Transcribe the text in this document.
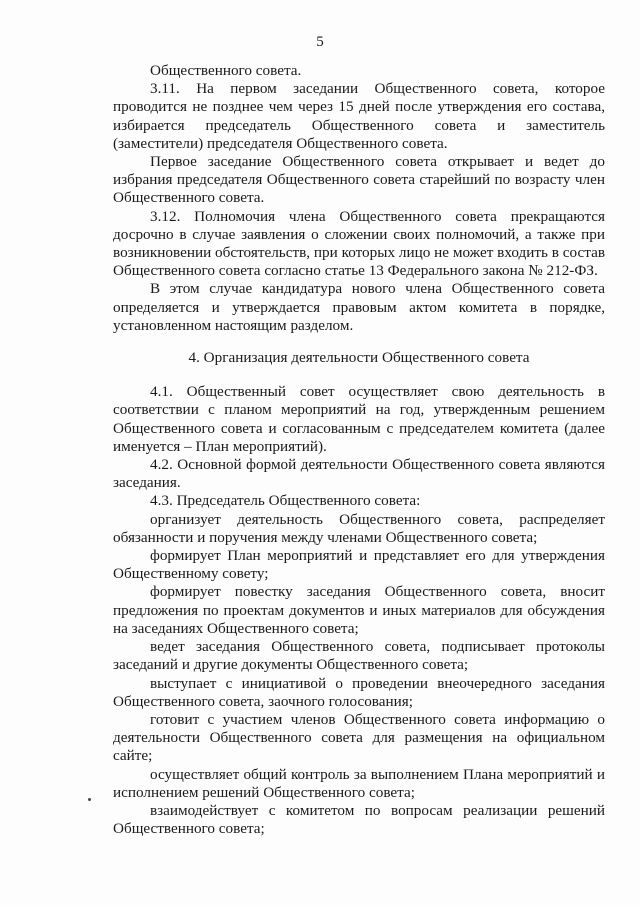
5

Общественного совета.

3.11. На первом заседании Общественного совета, которое проводится не позднее чем через 15 дней после утверждения его состава, избирается председатель Общественного совета и заместитель (заместители) председателя Общественного совета.

Первое заседание Общественного совета открывает и ведет до избрания председателя Общественного совета старейший по возрасту член Общественного совета.

3.12. Полномочия члена Общественного совета прекращаются досрочно в случае заявления о сложении своих полномочий, а также при возникновении обстоятельств, при которых лицо не может входить в состав Общественного совета согласно статье 13 Федерального закона № 212-ФЗ.

В этом случае кандидатура нового члена Общественного совета определяется и утверждается правовым актом комитета в порядке, установленном настоящим разделом.

4. Организация деятельности Общественного совета

4.1. Общественный совет осуществляет свою деятельность в соответствии с планом мероприятий на год, утвержденным решением Общественного совета и согласованным с председателем комитета (далее именуется – План мероприятий).

4.2. Основной формой деятельности Общественного совета являются заседания.

4.3. Председатель Общественного совета:

организует деятельность Общественного совета, распределяет обязанности и поручения между членами Общественного совета;

формирует План мероприятий и представляет его для утверждения Общественному совету;

формирует повестку заседания Общественного совета, вносит предложения по проектам документов и иных материалов для обсуждения на заседаниях Общественного совета;

ведет заседания Общественного совета, подписывает протоколы заседаний и другие документы Общественного совета;

выступает с инициативой о проведении внеочередного заседания Общественного совета, заочного голосования;

готовит с участием членов Общественного совета информацию о деятельности Общественного совета для размещения на официальном сайте;

осуществляет общий контроль за выполнением Плана мероприятий и исполнением решений Общественного совета;

взаимодействует с комитетом по вопросам реализации решений Общественного совета;
